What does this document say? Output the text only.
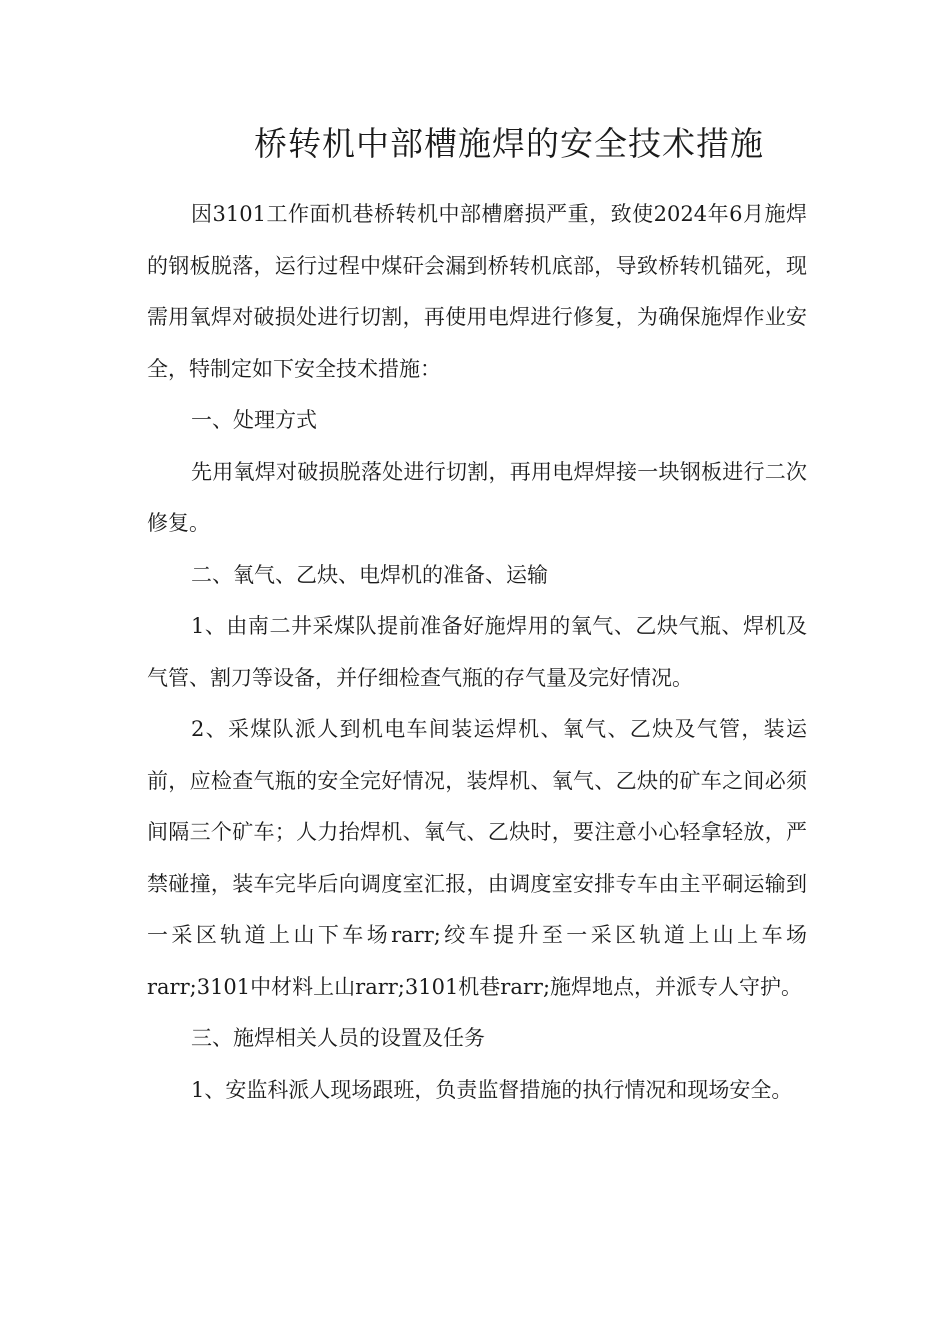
桥转机中部槽施焊的安全技术措施

因3101工作面机巷桥转机中部槽磨损严重，致使2024年6月施焊的钢板脱落，运行过程中煤矸会漏到桥转机底部，导致桥转机锚死，现需用氧焊对破损处进行切割，再使用电焊进行修复，为确保施焊作业安全，特制定如下安全技术措施：

一、处理方式

先用氧焊对破损脱落处进行切割，再用电焊焊接一块钢板进行二次修复。

二、氧气、乙炔、电焊机的准备、运输

1、由南二井采煤队提前准备好施焊用的氧气、乙炔气瓶、焊机及气管、割刀等设备，并仔细检查气瓶的存气量及完好情况。

2、采煤队派人到机电车间装运焊机、氧气、乙炔及气管，装运前，应检查气瓶的安全完好情况，装焊机、氧气、乙炔的矿车之间必须间隔三个矿车；人力抬焊机、氧气、乙炔时，要注意小心轻拿轻放，严禁碰撞，装车完毕后向调度室汇报，由调度室安排专车由主平硐运输到一采区轨道上山下车场rarr;绞车提升至一采区轨道上山上车场rarr;3101中材料上山rarr;3101机巷rarr;施焊地点，并派专人守护。

三、施焊相关人员的设置及任务

1、安监科派人现场跟班，负责监督措施的执行情况和现场安全。
